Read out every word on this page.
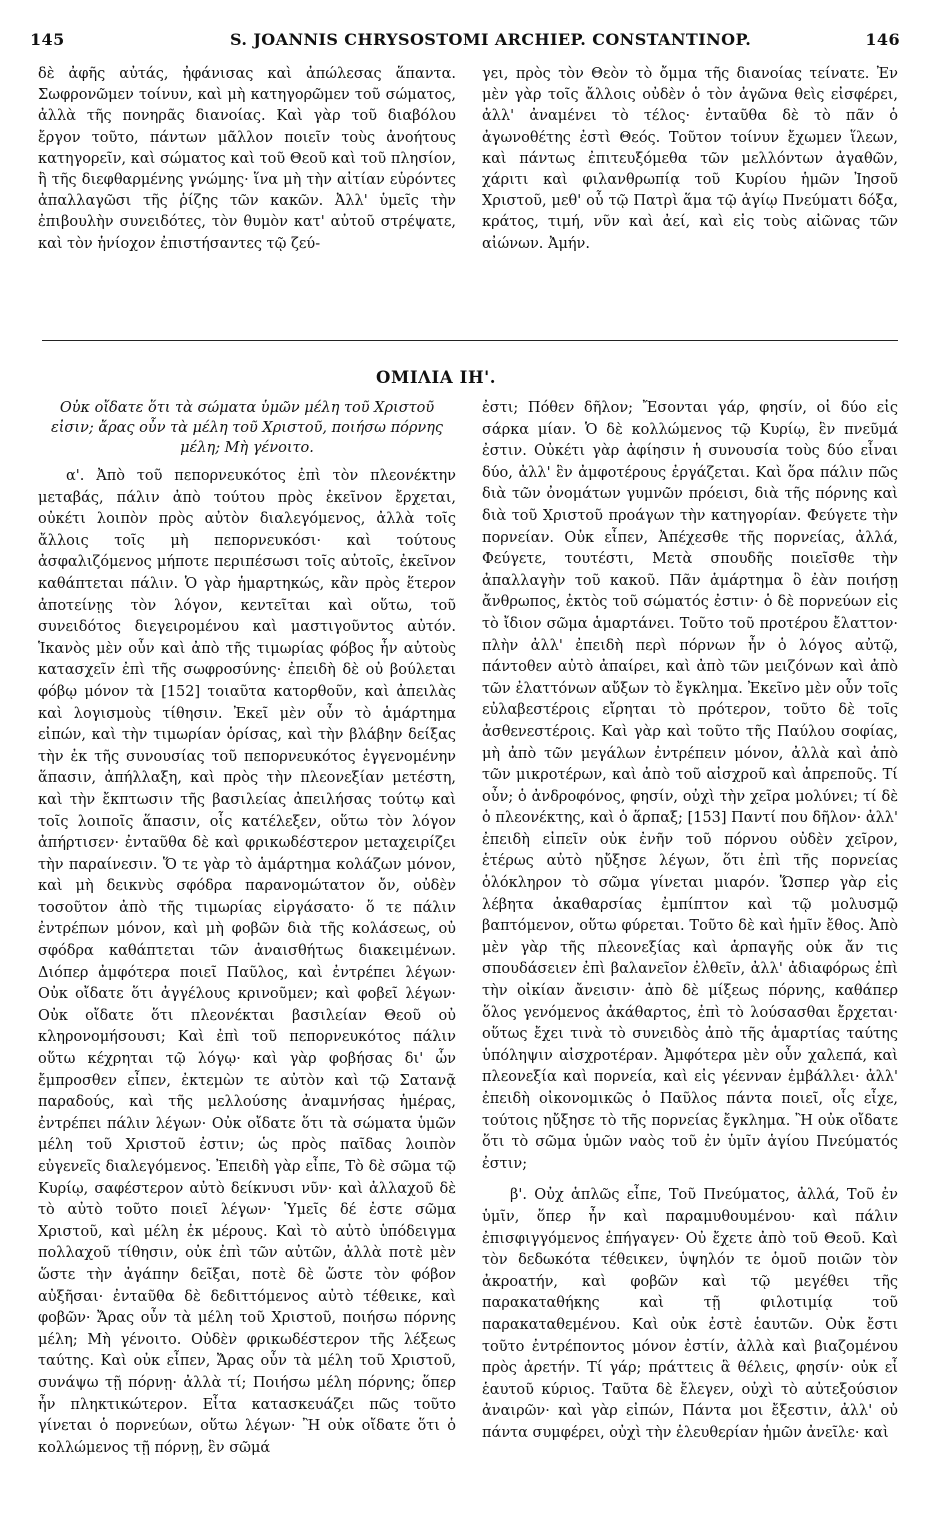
145	S. JOANNIS CHRYSOSTOMI ARCHIEP. CONSTANTINOP.	146

δὲ ἀφῆς αὐτάς, ἠφάνισας καὶ ἀπώλεσας ἅπαντα. Σωφρονῶμεν τοίνυν, καὶ μὴ κατηγορῶμεν τοῦ σώματος, ἀλλὰ τῆς πονηρᾶς διανοίας. Καὶ γὰρ τοῦ διαβόλου ἔργον τοῦτο, πάντων μᾶλλον ποιεῖν τοὺς ἀνοήτους κατηγορεῖν, καὶ σώματος καὶ τοῦ Θεοῦ καὶ τοῦ πλησίον, ἢ τῆς διεφθαρμένης γνώμης· ἵνα μὴ τὴν αἰτίαν εὑρόντες ἀπαλλαγῶσι τῆς ῥίζης τῶν κακῶν. Ἀλλ' ὑμεῖς τὴν ἐπιβουλὴν συνειδότες, τὸν θυμὸν κατ' αὐτοῦ στρέψατε, καὶ τὸν ἡνίοχον ἐπιστήσαντες τῷ ζεύ-

γει, πρὸς τὸν Θεὸν τὸ ὄμμα τῆς διανοίας τείνατε. Ἐν μὲν γὰρ τοῖς ἄλλοις οὐδὲν ὁ τὸν ἀγῶνα θεὶς εἰσφέρει, ἀλλ' ἀναμένει τὸ τέλος· ἐνταῦθα δὲ τὸ πᾶν ὁ ἀγωνοθέτης ἐστὶ Θεός. Τοῦτον τοίνυν ἔχωμεν ἵλεων, καὶ πάντως ἐπιτευξόμεθα τῶν μελλόντων ἀγαθῶν, χάριτι καὶ φιλανθρωπίᾳ τοῦ Κυρίου ἡμῶν Ἰησοῦ Χριστοῦ, μεθ' οὗ τῷ Πατρὶ ἅμα τῷ ἁγίῳ Πνεύματι δόξα, κράτος, τιμή, νῦν καὶ ἀεί, καὶ εἰς τοὺς αἰῶνας τῶν αἰώνων. Ἀμήν.

ΟΜΙΛΙΑ ΙΗ'.

Οὐκ οἴδατε ὅτι τὰ σώματα ὑμῶν μέλη τοῦ Χριστοῦ εἰσιν; ἄρας οὖν τὰ μέλη τοῦ Χριστοῦ, ποιήσω πόρνης μέλη; Μὴ γένοιτο.

α'. Ἀπὸ τοῦ πεπορνευκότος ἐπὶ τὸν πλεονέκτην μεταβάς, πάλιν ἀπὸ τούτου πρὸς ἐκεῖνον ἔρχεται, οὐκέτι λοιπὸν πρὸς αὐτὸν διαλεγόμενος, ἀλλὰ τοῖς ἄλλοις τοῖς μὴ πεπορνευκόσι· καὶ τούτους ἀσφαλιζόμενος μήποτε περιπέσωσι τοῖς αὐτοῖς, ἐκεῖνον καθάπτεται πάλιν. Ὁ γὰρ ἡμαρτηκώς, κἂν πρὸς ἕτερον ἀποτείνῃς τὸν λόγον, κεντεῖται καὶ οὕτω, τοῦ συνειδότος διεγειρομένου καὶ μαστιγοῦντος αὐτόν. Ἱκανὸς μὲν οὖν καὶ ἀπὸ τῆς τιμωρίας φόβος ἦν αὐτοὺς κατασχεῖν ἐπὶ τῆς σωφροσύνης· ἐπειδὴ δὲ οὐ βούλεται φόβῳ μόνον τὰ [152] τοιαῦτα κατορθοῦν, καὶ ἀπειλὰς καὶ λογισμοὺς τίθησιν. Ἐκεῖ μὲν οὖν τὸ ἁμάρτημα εἰπών, καὶ τὴν τιμωρίαν ὁρίσας, καὶ τὴν βλάβην δείξας τὴν ἐκ τῆς συνουσίας τοῦ πεπορνευκότος ἐγγενομένην ἅπασιν, ἀπήλλαξη, καὶ πρὸς τὴν πλεονεξίαν μετέστη, καὶ τὴν ἔκπτωσιν τῆς βασιλείας ἀπειλήσας τούτῳ καὶ τοῖς λοιποῖς ἅπασιν, οἷς κατέλεξεν, οὕτω τὸν λόγον ἀπήρτισεν· ἐνταῦθα δὲ καὶ φρικωδέστερον μεταχειρίζει τὴν παραίνεσιν. Ὅ τε γὰρ τὸ ἁμάρτημα κολάζων μόνον, καὶ μὴ δεικνὺς σφόδρα παρανομώτατον ὄν, οὐδὲν τοσοῦτον ἀπὸ τῆς τιμωρίας εἰργάσατο· ὅ τε πάλιν ἐντρέπων μόνον, καὶ μὴ φοβῶν διὰ τῆς κολάσεως, οὐ σφόδρα καθάπτεται τῶν ἀναισθήτως διακειμένων. Διόπερ ἀμφότερα ποιεῖ Παῦλος, καὶ ἐντρέπει λέγων· Οὐκ οἴδατε ὅτι ἀγγέλους κρινοῦμεν; καὶ φοβεῖ λέγων· Οὐκ οἴδατε ὅτι πλεονέκται βασιλείαν Θεοῦ οὐ κληρονομήσουσι; Καὶ ἐπὶ τοῦ πεπορνευκότος πάλιν οὕτω κέχρηται τῷ λόγῳ· καὶ γὰρ φοβήσας δι' ὧν ἔμπροσθεν εἶπεν, ἐκτεμὼν τε αὐτὸν καὶ τῷ Σατανᾷ παραδούς, καὶ τῆς μελλούσης ἀναμνήσας ἡμέρας, ἐντρέπει πάλιν λέγων· Οὐκ οἴδατε ὅτι τὰ σώματα ὑμῶν μέλη τοῦ Χριστοῦ ἐστιν; ὡς πρὸς παῖδας λοιπὸν εὐγενεῖς διαλεγόμενος. Ἐπειδὴ γὰρ εἶπε, Τὸ δὲ σῶμα τῷ Κυρίῳ, σαφέστερον αὐτὸ δείκνυσι νῦν· καὶ ἀλλαχοῦ δὲ τὸ αὐτὸ τοῦτο ποιεῖ λέγων· Ὑμεῖς δέ ἐστε σῶμα Χριστοῦ, καὶ μέλη ἐκ μέρους. Καὶ τὸ αὐτὸ ὑπόδειγμα πολλαχοῦ τίθησιν, οὐκ ἐπὶ τῶν αὐτῶν, ἀλλὰ ποτὲ μὲν ὥστε τὴν ἀγάπην δεῖξαι, ποτὲ δὲ ὥστε τὸν φόβον αὐξῆσαι· ἐνταῦθα δὲ δεδιττόμενος αὐτὸ τέθεικε, καὶ φοβῶν· Ἄρας οὖν τὰ μέλη τοῦ Χριστοῦ, ποιήσω πόρνης μέλη; Μὴ γένοιτο. Οὐδὲν φρικωδέστερον τῆς λέξεως ταύτης. Καὶ οὐκ εἶπεν, Ἄρας οὖν τὰ μέλη τοῦ Χριστοῦ, συνάψω τῇ πόρνῃ· ἀλλὰ τί; Ποιήσω μέλη πόρνης; ὅπερ ἦν πληκτικώτερον. Εἶτα κατασκευάζει πῶς τοῦτο γίνεται ὁ πορνεύων, οὕτω λέγων· Ἢ οὐκ οἴδατε ὅτι ὁ κολλώμενος τῇ πόρνῃ, ἓν σῶμά

ἐστι; Πόθεν δῆλον; Ἔσονται γάρ, φησίν, οἱ δύο εἰς σάρκα μίαν. Ὁ δὲ κολλώμενος τῷ Κυρίῳ, ἓν πνεῦμά ἐστιν. Οὐκέτι γὰρ ἀφίησιν ἡ συνουσία τοὺς δύο εἶναι δύο, ἀλλ' ἓν ἀμφοτέρους ἐργάζεται. Καὶ ὅρα πάλιν πῶς διὰ τῶν ὀνομάτων γυμνῶν πρόεισι, διὰ τῆς πόρνης καὶ διὰ τοῦ Χριστοῦ προάγων τὴν κατηγορίαν. Φεύγετε τὴν πορνείαν. Οὐκ εἶπεν, Ἀπέχεσθε τῆς πορνείας, ἀλλά, Φεύγετε, τουτέστι, Μετὰ σπουδῆς ποιεῖσθε τὴν ἀπαλλαγὴν τοῦ κακοῦ. Πᾶν ἁμάρτημα ὃ ἐὰν ποιήσῃ ἄνθρωπος, ἐκτὸς τοῦ σώματός ἐστιν· ὁ δὲ πορνεύων εἰς τὸ ἴδιον σῶμα ἁμαρτάνει. Τοῦτο τοῦ προτέρου ἔλαττον· πλὴν ἀλλ' ἐπειδὴ περὶ πόρνων ἦν ὁ λόγος αὐτῷ, πάντοθεν αὐτὸ ἀπαίρει, καὶ ἀπὸ τῶν μειζόνων καὶ ἀπὸ τῶν ἐλαττόνων αὔξων τὸ ἔγκλημα. Ἐκεῖνο μὲν οὖν τοῖς εὐλαβεστέροις εἴρηται τὸ πρότερον, τοῦτο δὲ τοῖς ἀσθενεστέροις. Καὶ γὰρ καὶ τοῦτο τῆς Παύλου σοφίας, μὴ ἀπὸ τῶν μεγάλων ἐντρέπειν μόνον, ἀλλὰ καὶ ἀπὸ τῶν μικροτέρων, καὶ ἀπὸ τοῦ αἰσχροῦ καὶ ἀπρεποῦς. Τί οὖν; ὁ ἀνδροφόνος, φησίν, οὐχὶ τὴν χεῖρα μολύνει; τί δὲ ὁ πλεονέκτης, καὶ ὁ ἅρπαξ; [153] Παντί που δῆλον· ἀλλ' ἐπειδὴ εἰπεῖν οὐκ ἐνῆν τοῦ πόρνου οὐδὲν χεῖρον, ἑτέρως αὐτὸ ηὔξησε λέγων, ὅτι ἐπὶ τῆς πορνείας ὁλόκληρον τὸ σῶμα γίνεται μιαρόν. Ὥσπερ γὰρ εἰς λέβητα ἀκαθαρσίας ἐμπίπτον καὶ τῷ μολυσμῷ βαπτόμενον, οὕτω φύρεται. Τοῦτο δὲ καὶ ἡμῖν ἔθος. Ἀπὸ μὲν γὰρ τῆς πλεονεξίας καὶ ἁρπαγῆς οὐκ ἄν τις σπουδάσειεν ἐπὶ βαλανεῖον ἐλθεῖν, ἀλλ' ἀδιαφόρως ἐπὶ τὴν οἰκίαν ἄνεισιν· ἀπὸ δὲ μίξεως πόρνης, καθάπερ ὅλος γενόμενος ἀκάθαρτος, ἐπὶ τὸ λούσασθαι ἔρχεται· οὕτως ἔχει τινὰ τὸ συνειδὸς ἀπὸ τῆς ἁμαρτίας ταύτης ὑπόληψιν αἰσχροτέραν. Ἀμφότερα μὲν οὖν χαλεπά, καὶ πλεονεξία καὶ πορνεία, καὶ εἰς γέενναν ἐμβάλλει· ἀλλ' ἐπειδὴ οἰκονομικῶς ὁ Παῦλος πάντα ποιεῖ, οἷς εἶχε, τούτοις ηὔξησε τὸ τῆς πορνείας ἔγκλημα. Ἢ οὐκ οἴδατε ὅτι τὸ σῶμα ὑμῶν ναὸς τοῦ ἐν ὑμῖν ἁγίου Πνεύματός ἐστιν;

β'. Οὐχ ἁπλῶς εἶπε, Τοῦ Πνεύματος, ἀλλά, Τοῦ ἐν ὑμῖν, ὅπερ ἦν καὶ παραμυθουμένου· καὶ πάλιν ἐπισφιγγόμενος ἐπήγαγεν· Οὐ ἔχετε ἀπὸ τοῦ Θεοῦ. Καὶ τὸν δεδωκότα τέθεικεν, ὑψηλόν τε ὁμοῦ ποιῶν τὸν ἀκροατήν, καὶ φοβῶν καὶ τῷ μεγέθει τῆς παρακαταθήκης καὶ τῇ φιλοτιμίᾳ τοῦ παρακαταθεμένου. Καὶ οὐκ ἐστὲ ἑαυτῶν. Οὐκ ἔστι τοῦτο ἐντρέποντος μόνον ἐστίν, ἀλλὰ καὶ βιαζομένου πρὸς ἀρετήν. Τί γάρ; πράττεις ἃ θέλεις, φησίν· οὐκ εἶ ἑαυτοῦ κύριος. Ταῦτα δὲ ἔλεγεν, οὐχὶ τὸ αὐτεξούσιον ἀναιρῶν· καὶ γὰρ εἰπών, Πάντα μοι ἔξεστιν, ἀλλ' οὐ πάντα συμφέρει, οὐχὶ τὴν ἐλευθερίαν ἡμῶν ἀνεῖλε· καὶ
